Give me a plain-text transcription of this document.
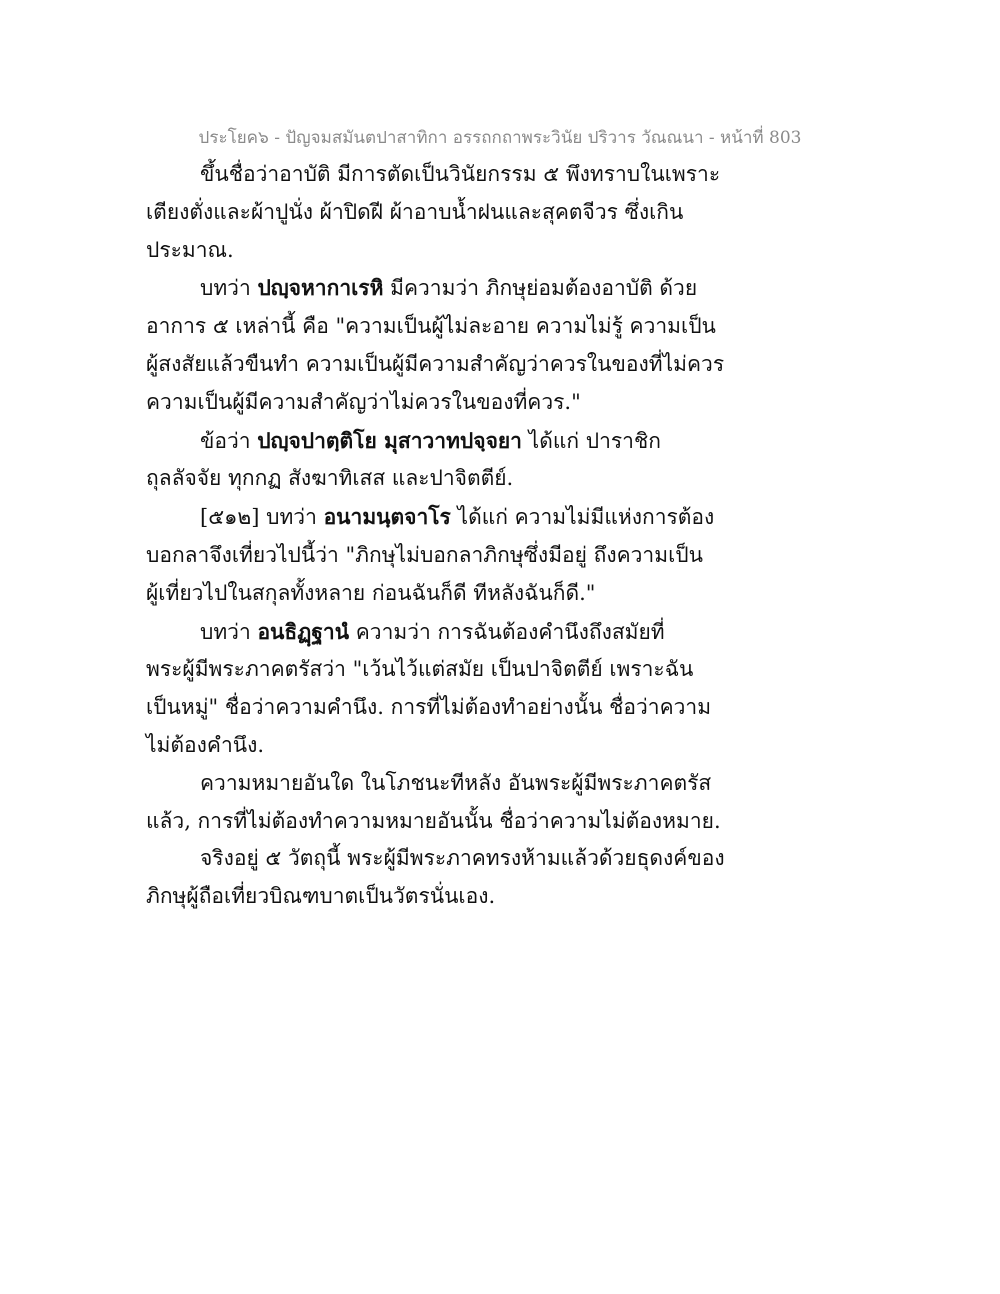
ประโยค๖ - ปัญจมสมันตปาสาทิกา อรรถกถาพระวินัย ปริวาร วัณณนา - หน้าที่ 803
ขึ้นชื่อว่าอาบัติ มีการตัดเป็นวินัยกรรม ๕ พึงทราบในเพราะ
เตียงตั่งและผ้าปูนั่ง ผ้าปิดฝี ผ้าอาบน้ำฝนและสุคตจีวร ซึ่งเกิน
ประมาณ.
บทว่า ปญฺจหากาเรหิ มีความว่า ภิกษุย่อมต้องอาบัติ ด้วย
อาการ ๕ เหล่านี้ คือ "ความเป็นผู้ไม่ละอาย ความไม่รู้ ความเป็น
ผู้สงสัยแล้วขืนทำ ความเป็นผู้มีความสำคัญว่าควรในของที่ไม่ควร
ความเป็นผู้มีความสำคัญว่าไม่ควรในของที่ควร."
ข้อว่า ปญฺจปาตฺติโย มุสาวาทปจฺจยา ได้แก่ ปาราชิก
ถุลลัจจัย ทุกกฏ สังฆาทิเสส และปาจิตตีย์.
[๕๑๒] บทว่า อนามนฺตจาโร ได้แก่ ความไม่มีแห่งการต้อง
บอกลาจึงเที่ยวไปนี้ว่า "ภิกษุไม่บอกลาภิกษุซึ่งมีอยู่ ถึงความเป็น
ผู้เที่ยวไปในสกุลทั้งหลาย ก่อนฉันก็ดี ทีหลังฉันก็ดี."
บทว่า อนธิฏฺฐานํ ความว่า การฉันต้องคำนึงถึงสมัยที่
พระผู้มีพระภาคตรัสว่า "เว้นไว้แต่สมัย เป็นปาจิตตีย์ เพราะฉัน
เป็นหมู่" ชื่อว่าความคำนึง. การที่ไม่ต้องทำอย่างนั้น ชื่อว่าความ
ไม่ต้องคำนึง.
ความหมายอันใด ในโภชนะทีหลัง อันพระผู้มีพระภาคตรัส
แล้ว, การที่ไม่ต้องทำความหมายอันนั้น ชื่อว่าความไม่ต้องหมาย.
จริงอยู่ ๕ วัตถุนี้ พระผู้มีพระภาคทรงห้ามแล้วด้วยธุดงค์ของ
ภิกษุผู้ถือเที่ยวบิณฑบาตเป็นวัตรนั่นเอง.
